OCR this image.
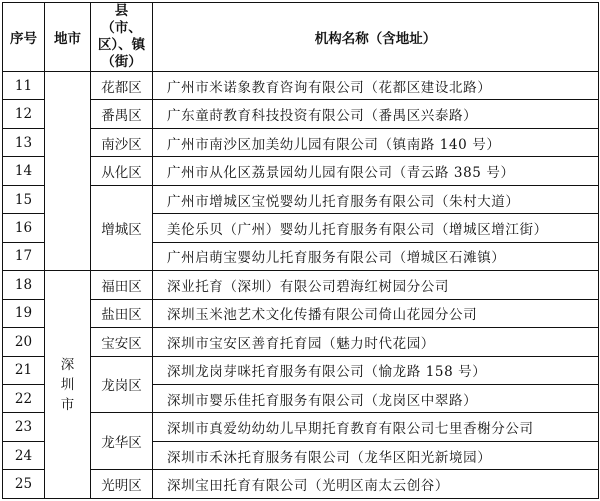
序号	地市	县（市、
区）、镇
（街）	机构名称（含地址）
11		花都区	广州市米诺象教育咨询有限公司（花都区建设北路）
12		番禺区	广东童莳教育科技投资有限公司（番禺区兴泰路）
13		南沙区	广州市南沙区加美幼儿园有限公司（镇南路 140 号）
14		从化区	广州市从化区荔景园幼儿园有限公司（青云路 385 号）
15		增城区	广州市增城区宝悦婴幼儿托育服务有限公司（朱村大道）
16			美伦乐贝（广州）婴幼儿托育服务有限公司（增城区增江街）
17			广州启萌宝婴幼儿托育服务有限公司（增城区石滩镇）
18	深圳市	福田区	深业托育（深圳）有限公司碧海红树园分公司
19		盐田区	深圳玉米池艺术文化传播有限公司倚山花园分公司
20		宝安区	深圳市宝安区善育托育园（魅力时代花园）
21		龙岗区	深圳龙岗芽咪托育服务有限公司（愉龙路 158 号）
22			深圳市婴乐佳托育服务有限公司（龙岗区中翠路）
23		龙华区	深圳市真爱幼幼幼儿早期托育教育有限公司七里香榭分公司
24			深圳市禾沐托育服务有限公司（龙华区阳光新境园）
25		光明区	深圳宝田托育有限公司（光明区南太云创谷）
